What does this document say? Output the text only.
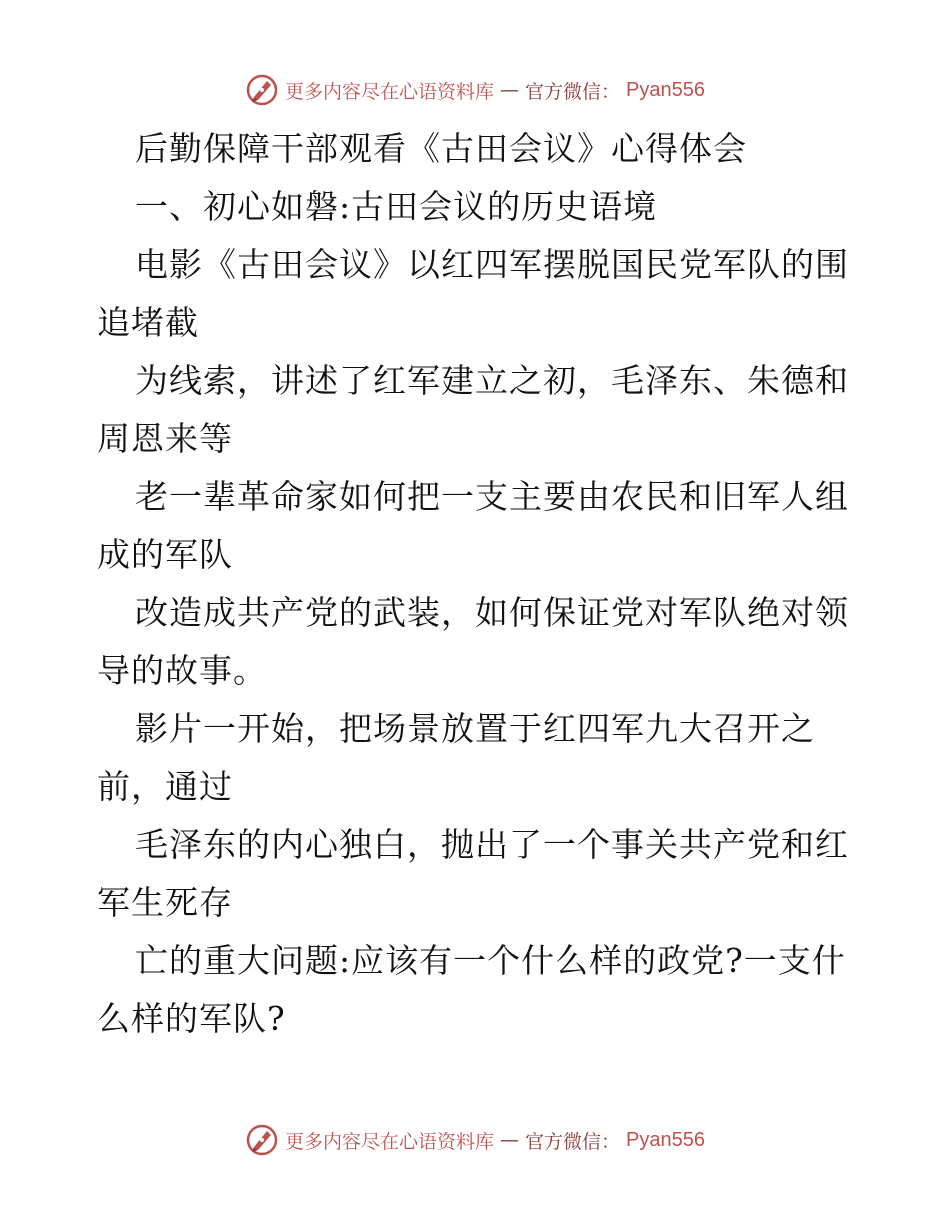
更多内容尽在心语资料库 — 官方微信： Pyan556
后勤保障干部观看《古田会议》心得体会
一、初心如磐:古田会议的历史语境
电影《古田会议》以红四军摆脱国民党军队的围
追堵截
为线索，讲述了红军建立之初，毛泽东、朱德和
周恩来等
老一辈革命家如何把一支主要由农民和旧军人组
成的军队
改造成共产党的武装，如何保证党对军队绝对领
导的故事。
影片一开始，把场景放置于红四军九大召开之
前，通过
毛泽东的内心独白，抛出了一个事关共产党和红
军生死存
亡的重大问题:应该有一个什么样的政党?一支什
么样的军队?
更多内容尽在心语资料库 — 官方微信： Pyan556
